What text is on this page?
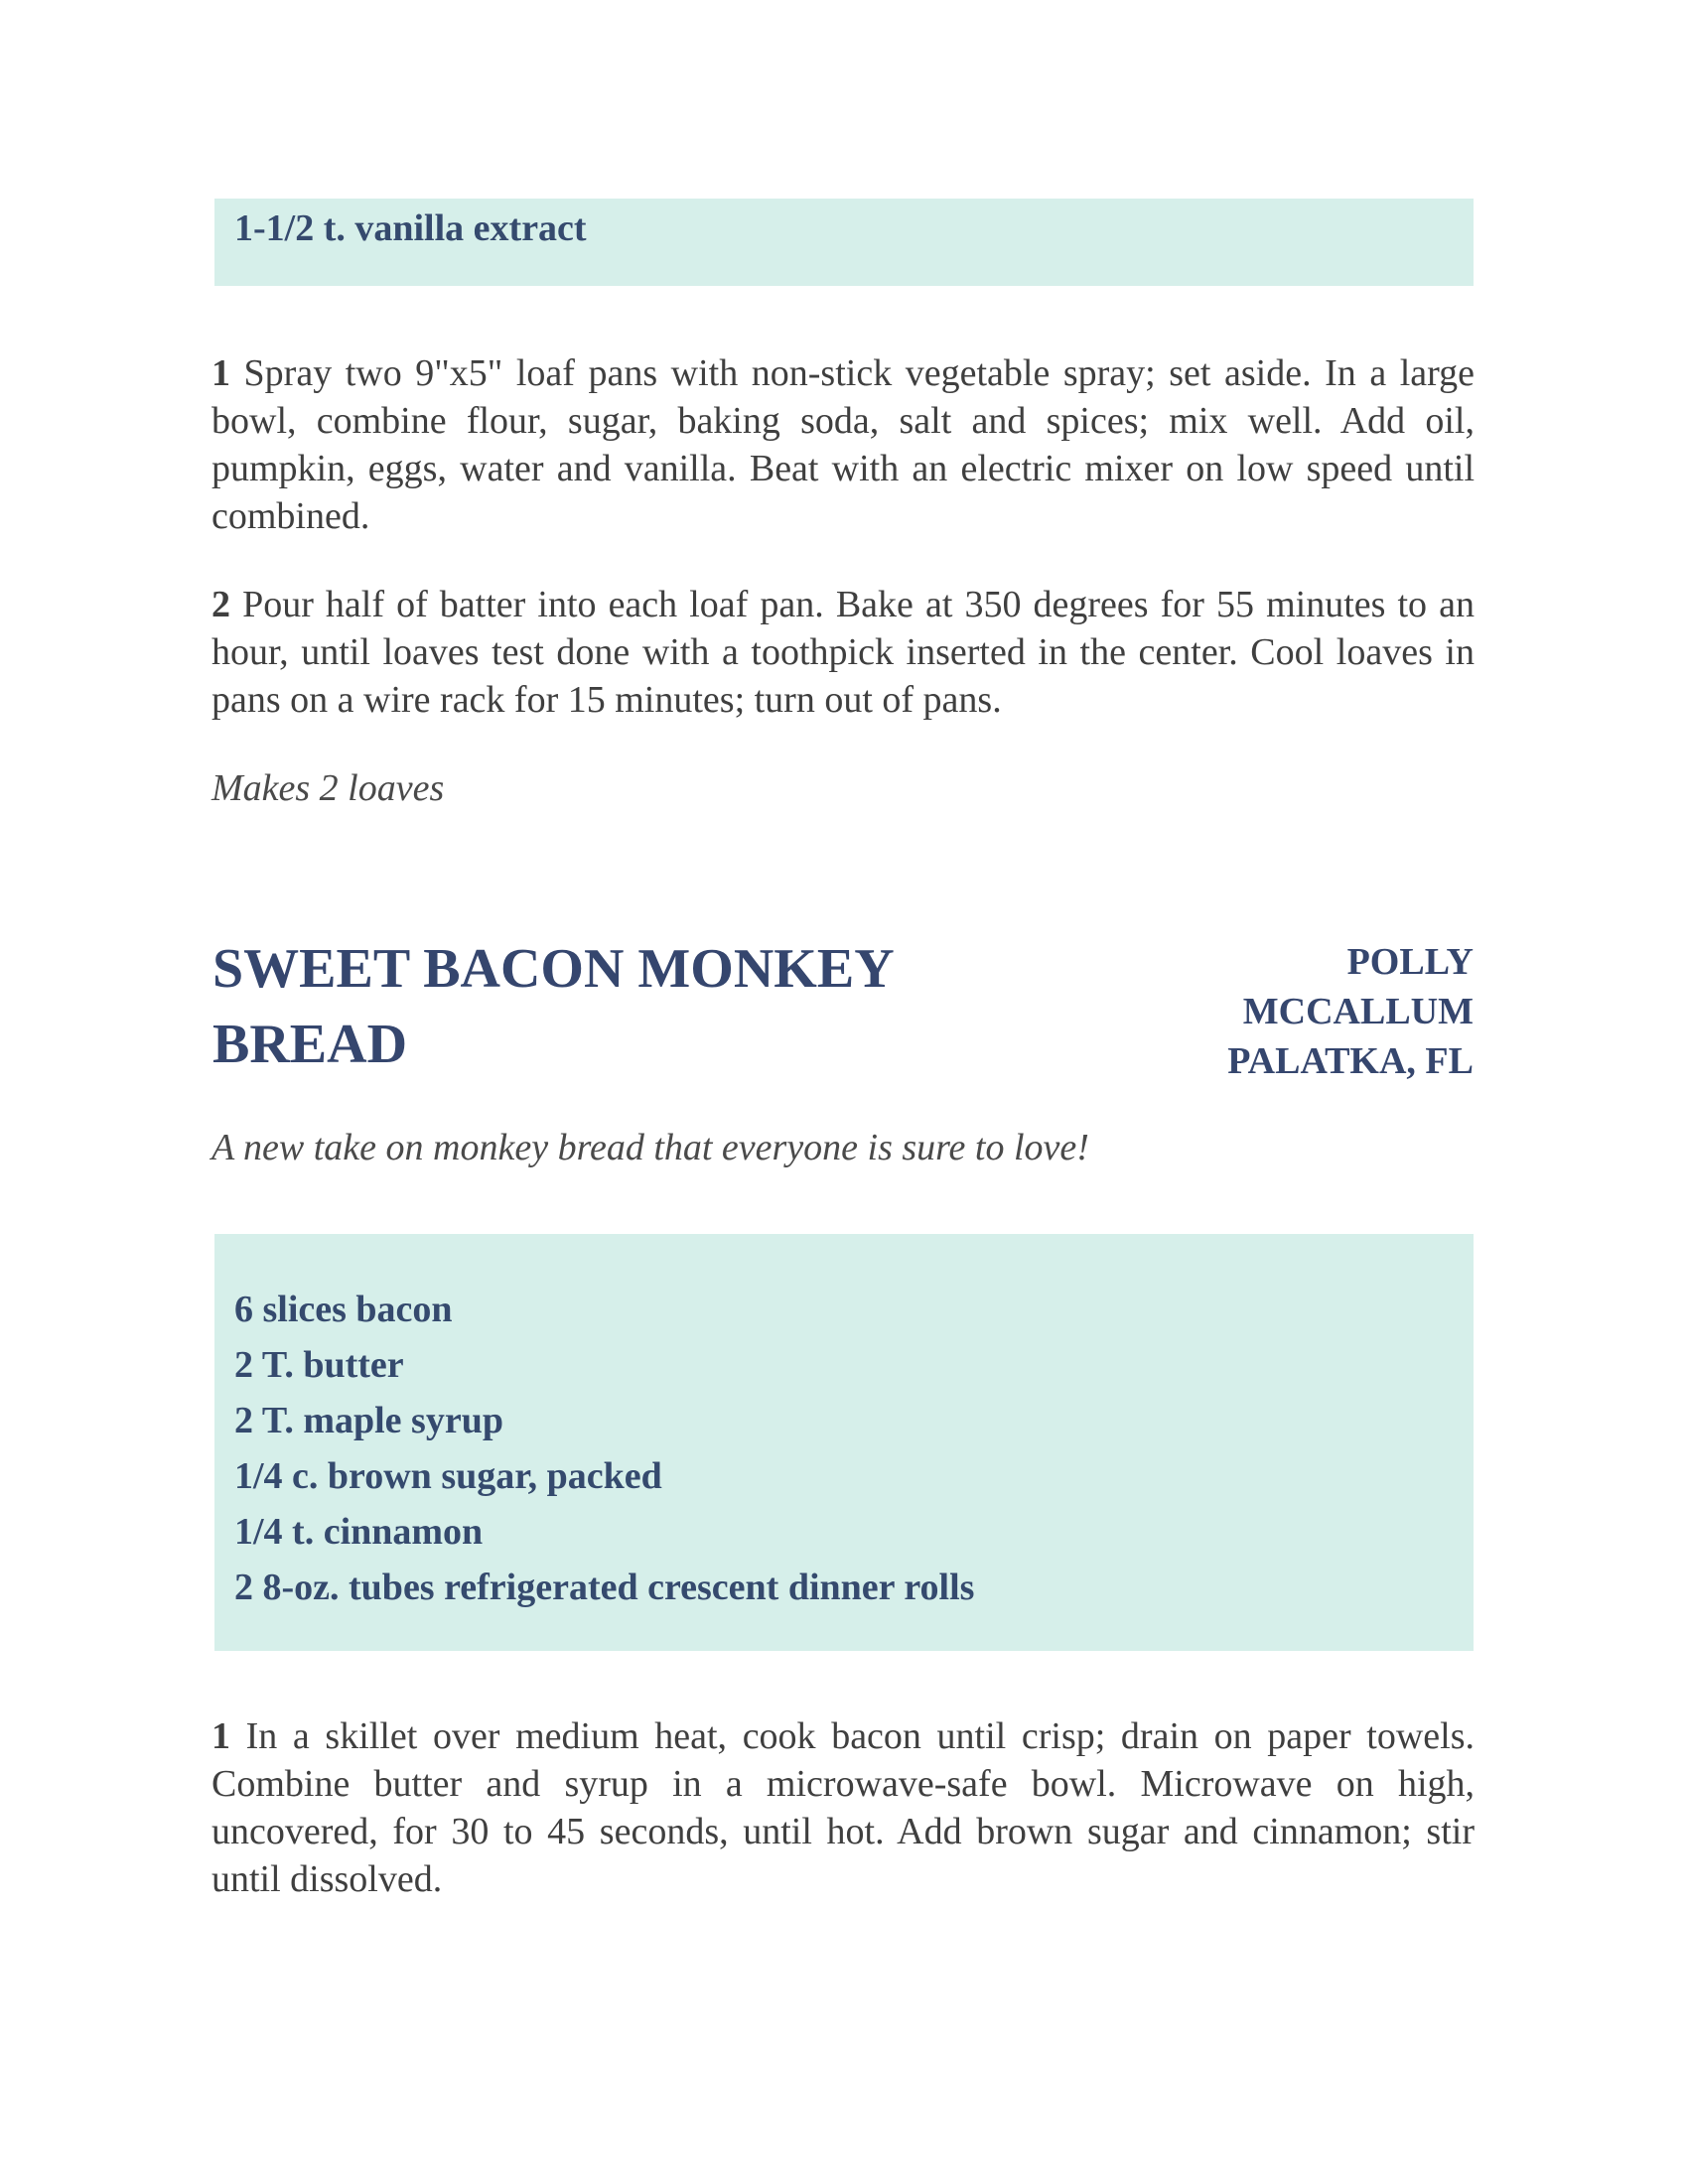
1-1/2 t. vanilla extract

1 Spray two 9"x5" loaf pans with non-stick vegetable spray; set aside. In a large bowl, combine flour, sugar, baking soda, salt and spices; mix well. Add oil, pumpkin, eggs, water and vanilla. Beat with an electric mixer on low speed until combined.

2 Pour half of batter into each loaf pan. Bake at 350 degrees for 55 minutes to an hour, until loaves test done with a toothpick inserted in the center. Cool loaves in pans on a wire rack for 15 minutes; turn out of pans.

Makes 2 loaves
SWEET BACON MONKEY BREAD
POLLY
MCCALLUM
PALATKA, FL
A new take on monkey bread that everyone is sure to love!
6 slices bacon
2 T. butter
2 T. maple syrup
1/4 c. brown sugar, packed
1/4 t. cinnamon
2 8-oz. tubes refrigerated crescent dinner rolls

1 In a skillet over medium heat, cook bacon until crisp; drain on paper towels. Combine butter and syrup in a microwave-safe bowl. Microwave on high, uncovered, for 30 to 45 seconds, until hot. Add brown sugar and cinnamon; stir until dissolved.
